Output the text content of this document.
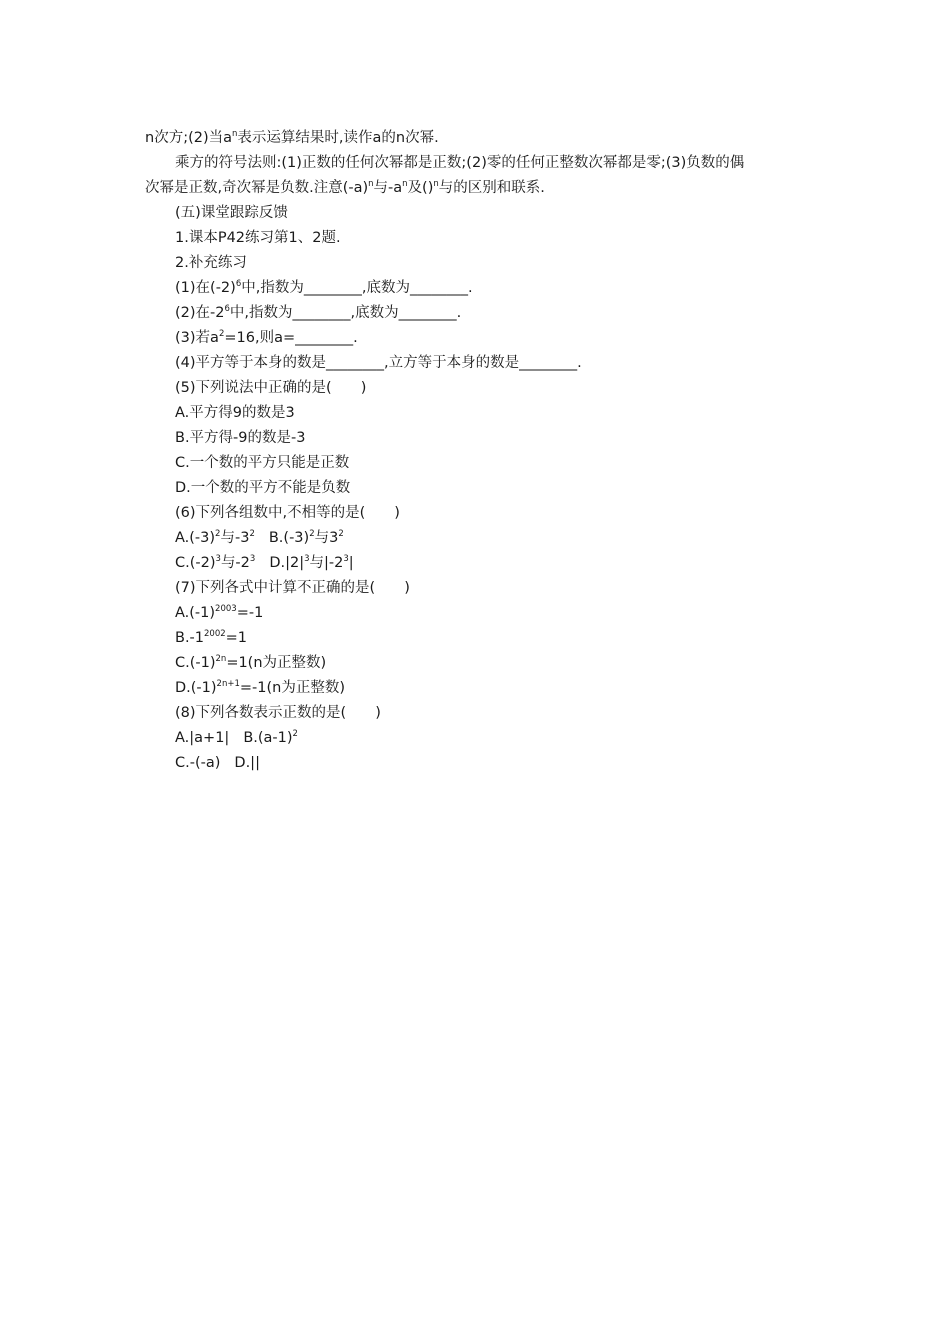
n次方;(2)当$a^n$表示运算结果时,读作a的n次幂.
乘方的符号法则:(1)正数的任何次幂都是正数;(2)零的任何正整数次幂都是零;(3)负数的偶
次幂是正数,奇次幂是负数.注意$(-a)^n$与$-a^n$及()$^n$与的区别和联系.
(五)课堂跟踪反馈
1.课本P42练习第1、2题.
2.补充练习
(1)在$(-2)^6$中,指数为________,底数为________.
(2)在$-2^6$中,指数为________,底数为________.
(3)若$a^2=16$,则a=________.
(4)平方等于本身的数是________,立方等于本身的数是________.
(5)下列说法中正确的是(　　)
A.平方得9的数是3
B.平方得-9的数是-3
C.一个数的平方只能是正数
D.一个数的平方不能是负数
(6)下列各组数中,不相等的是(　　)
$A.(-3)^2$与$-3^2$ $B.(-3)^2$与$3^2$
$C.(-2)^3$与$-2^3$ $D.|2|^3$与$|-2^3|$
(7)下列各式中计算不正确的是(　　)
$A.(-1)^{2003}=-1$
$B.-1^{2002}=1$
$C.(-1)^{2n}=1(n$为正整数)
$D.(-1)^{2n+1}=-1(n$为正整数)
(8)下列各数表示正数的是(　　)
A.|a+1| $B.(a-1)^2$
C.-(-a) D.||
